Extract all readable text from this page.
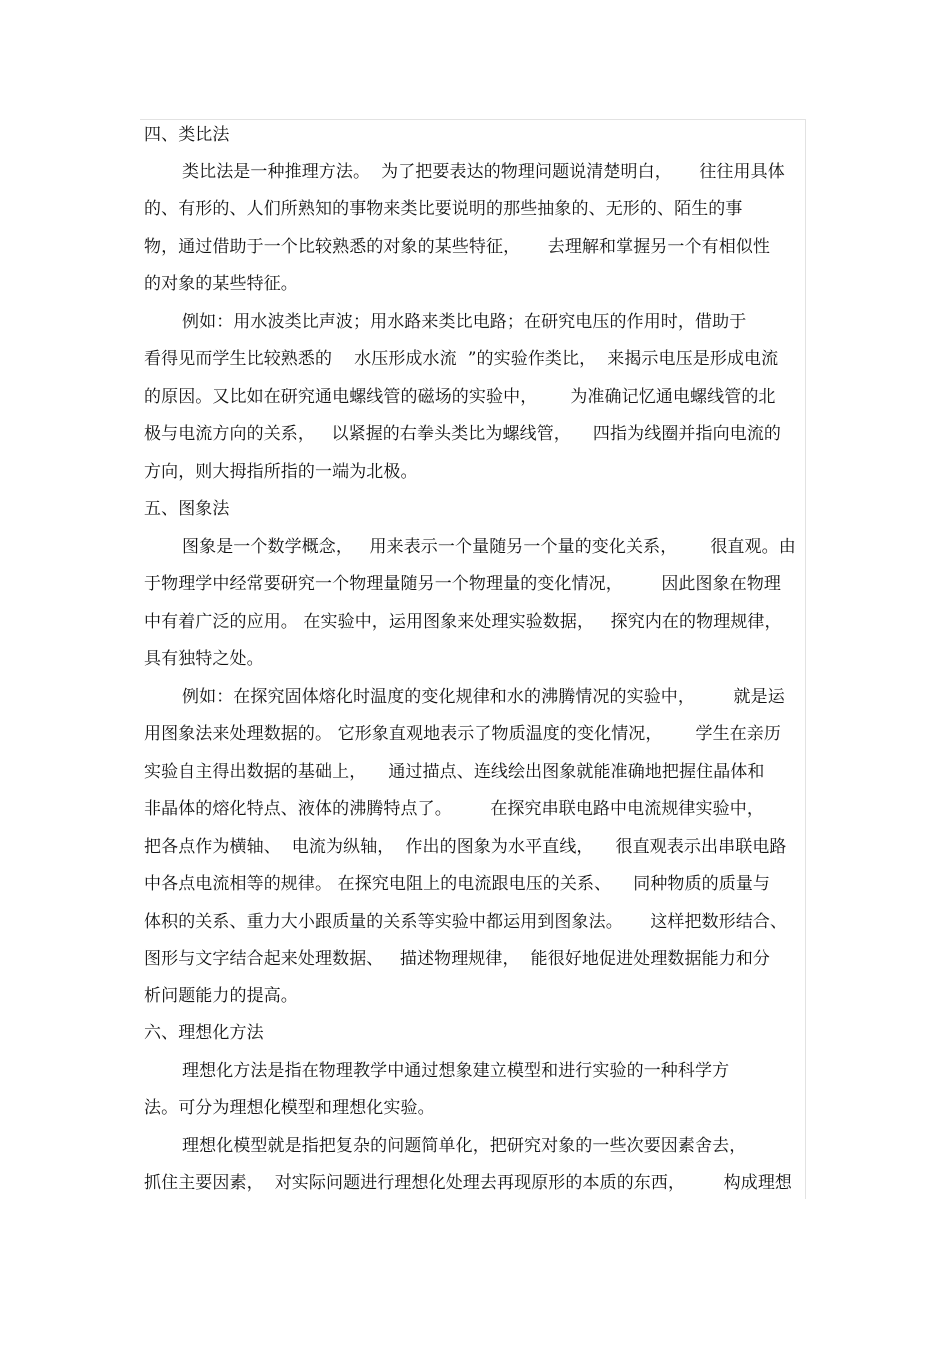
四、类比法
类比法是一种推理方法。  为了把要表达的物理问题说清楚明白，     往往用具体
的、有形的、人们所熟知的事物来类比要说明的那些抽象的、无形的、陌生的事
物，通过借助于一个比较熟悉的对象的某些特征，     去理解和掌握另一个有相似性
的对象的某些特征。
例如：用水波类比声波；用水路来类比电路；在研究电压的作用时，借助于
看得见而学生比较熟悉的    水压形成水流  ”的实验作类比，  来揭示电压是形成电流
的原因。又比如在研究通电螺线管的磁场的实验中，      为准确记忆通电螺线管的北
极与电流方向的关系，   以紧握的右拳头类比为螺线管，    四指为线圈并指向电流的
方向，则大拇指所指的一端为北极。
五、图象法
图象是一个数学概念，   用来表示一个量随另一个量的变化关系，      很直观。由
于物理学中经常要研究一个物理量随另一个物理量的变化情况，       因此图象在物理
中有着广泛的应用。 在实验中，运用图象来处理实验数据，   探究内在的物理规律，
具有独特之处。
例如：在探究固体熔化时温度的变化规律和水的沸腾情况的实验中，       就是运
用图象法来处理数据的。 它形象直观地表示了物质温度的变化情况，      学生在亲历
实验自主得出数据的基础上，    通过描点、连线绘出图象就能准确地把握住晶体和
非晶体的熔化特点、液体的沸腾特点了。       在探究串联电路中电流规律实验中，
把各点作为横轴、  电流为纵轴，  作出的图象为水平直线，    很直观表示出串联电路
中各点电流相等的规律。 在探究电阻上的电流跟电压的关系、    同种物质的质量与
体积的关系、重力大小跟质量的关系等实验中都运用到图象法。     这样把数形结合、
图形与文字结合起来处理数据、   描述物理规律，  能很好地促进处理数据能力和分
析问题能力的提高。
六、理想化方法
理想化方法是指在物理教学中通过想象建立模型和进行实验的一种科学方
法。可分为理想化模型和理想化实验。
理想化模型就是指把复杂的问题简单化，把研究对象的一些次要因素舍去，
抓住主要因素，  对实际问题进行理想化处理去再现原形的本质的东西，       构成理想
